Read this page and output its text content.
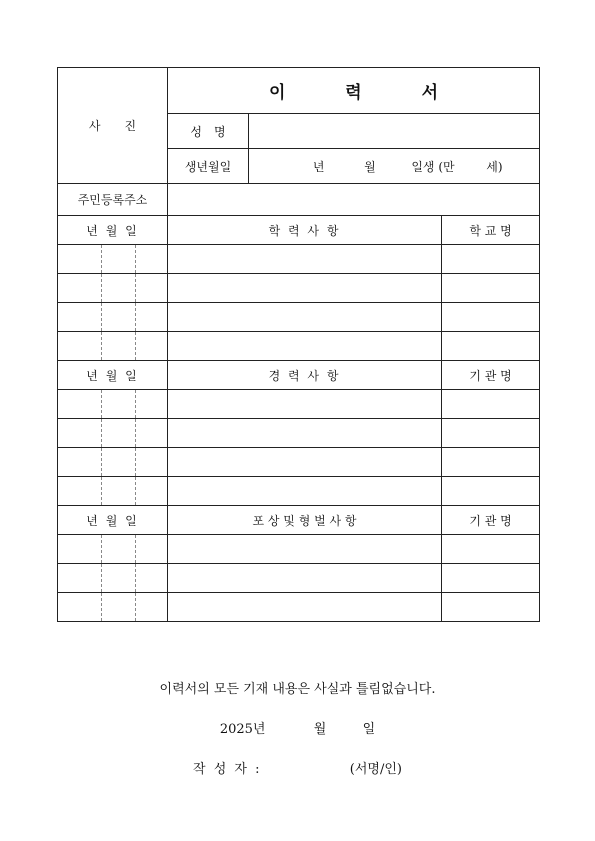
사　　진	이 력 서		
	성　명		
	생년월일	년 월 일생 (만 세)	
주민등록주소			
년 월 일	학 력 사 항		학 교 명

년 월 일	경 력 사 항		기 관 명

년 월 일	포 상 및 형 벌 사 항		기 관 명

이력서의 모든 기재 내용은 사실과 틀림없습니다.
2025년	월	일
작 성 자 :	(서명/인)
